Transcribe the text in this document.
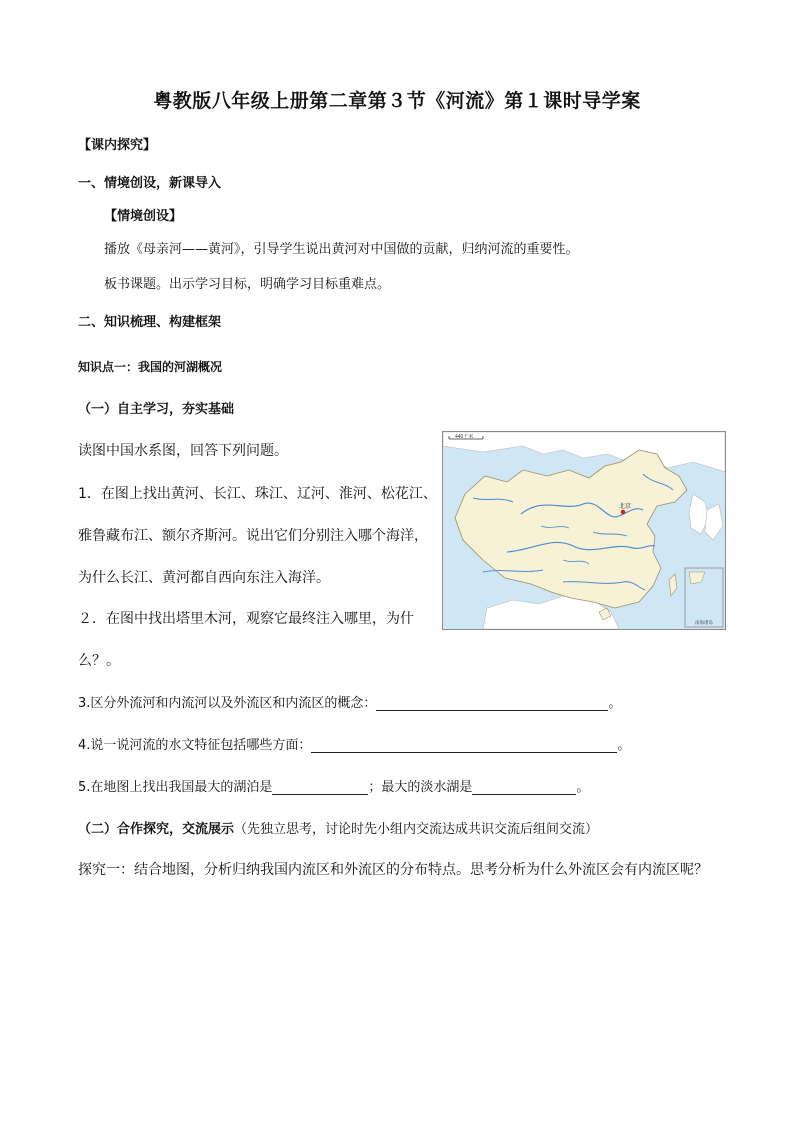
粤教版八年级上册第二章第３节《河流》第１课时导学案
【课内探究】
一、情境创设，新课导入
【情境创设】
播放《母亲河——黄河》，引导学生说出黄河对中国做的贡献，归纳河流的重要性。
板书课题。出示学习目标，明确学习目标重难点。
二、知识梳理、构建框架
知识点一：我国的河湖概况
（一）自主学习，夯实基础
读图中国水系图，回答下列问题。
1．在图上找出黄河、长江、珠江、辽河、淮河、松花江、
雅鲁藏布江、额尔齐斯河。说出它们分别注入哪个海洋，
为什么长江、黄河都自西向东注入海洋。
２．在图中找出塔里木河，观察它最终注入哪里，为什
么？。
3.区分外流河和内流河以及外流区和内流区的概念：	。
4.说一说河流的水文特征包括哪些方面：	。
5.在地图上找出我国最大的湖泊是	；最大的淡水湖是	。
（二）合作探究，交流展示（先独立思考，讨论时先小组内交流达成共识交流后组间交流）
探究一：结合地图，分析归纳我国内流区和外流区的分布特点。思考分析为什么外流区会有内流区呢？
440千米
北京
南海诸岛
